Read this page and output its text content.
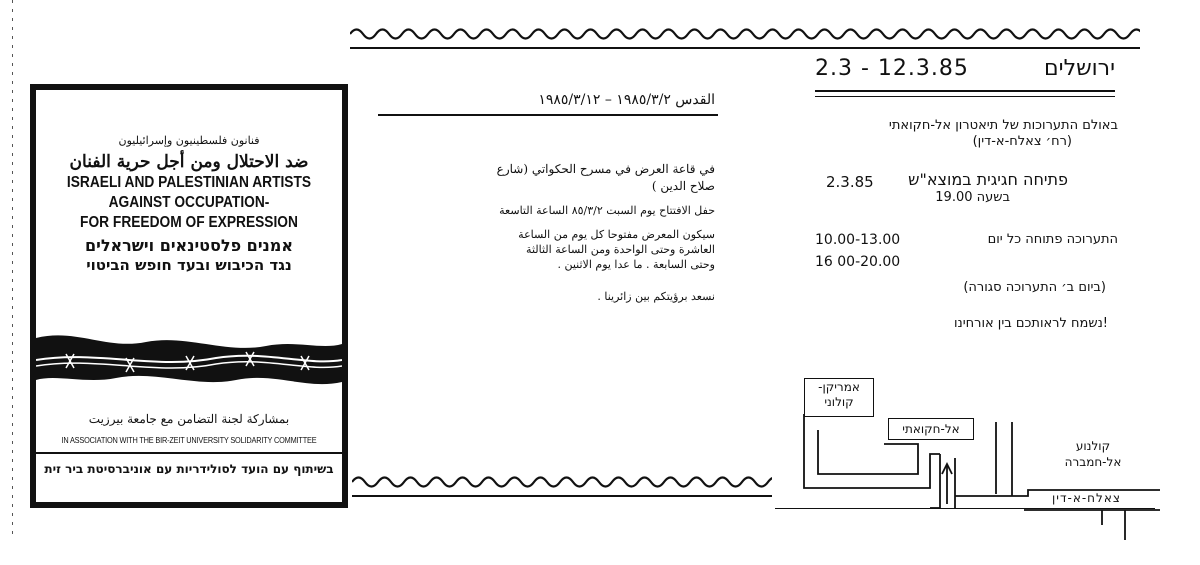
فنانون فلسطينيون وإسرائيليون
ضد الاحتلال ومن أجل حرية الفنان
ISRAELI AND PALESTINIAN ARTISTS
AGAINST OCCUPATION-
FOR FREEDOM OF EXPRESSION
אמנים פלסטינאים וישראלים
נגד הכיבוש ובעד חופש הביטוי
بمشاركة لجنة التضامن مع جامعة بيرزيت
IN ASSOCIATION WITH THE BIR-ZEIT UNIVERSITY SOLIDARITY COMMITTEE
בשיתוף עם הועד לסולידריות עם אוניברסיטת ביר זית
القدس ١٩٨٥/٣/٢ – ١٩٨٥/٣/١٢
في قاعة العرض في مسرح الحكواتي (شارع
صلاح الدين )
حفل الافتتاح يوم السبت ٨٥/٣/٢ الساعة التاسعة
سيكون المعرض مفتوحا كل يوم من الساعة
العاشرة وحتى الواحدة ومن الساعة الثالثة
وحتى السابعة . ما عدا يوم الاثنين .
نسعد برؤيتكم بين زائرينا .
2.3 - 12.3.85	ירושלים
באולם התערוכות של תיאטרון אל-חקואתי
(רח׳ צאלח-א-דין)
פתיחה חגיגית במוצא"ש
2.3.85
בשעה 19.00
התערוכה פתוחה כל יום
10.00-13.00
16 00-20.00
(ביום ב׳ התערוכה סגורה)
!נשמח לראותכם בין אורחינו
אמריקן-
קולוני
אל-חקואתי
קולנוע
אל-חמברה
צאלח-א-דין
